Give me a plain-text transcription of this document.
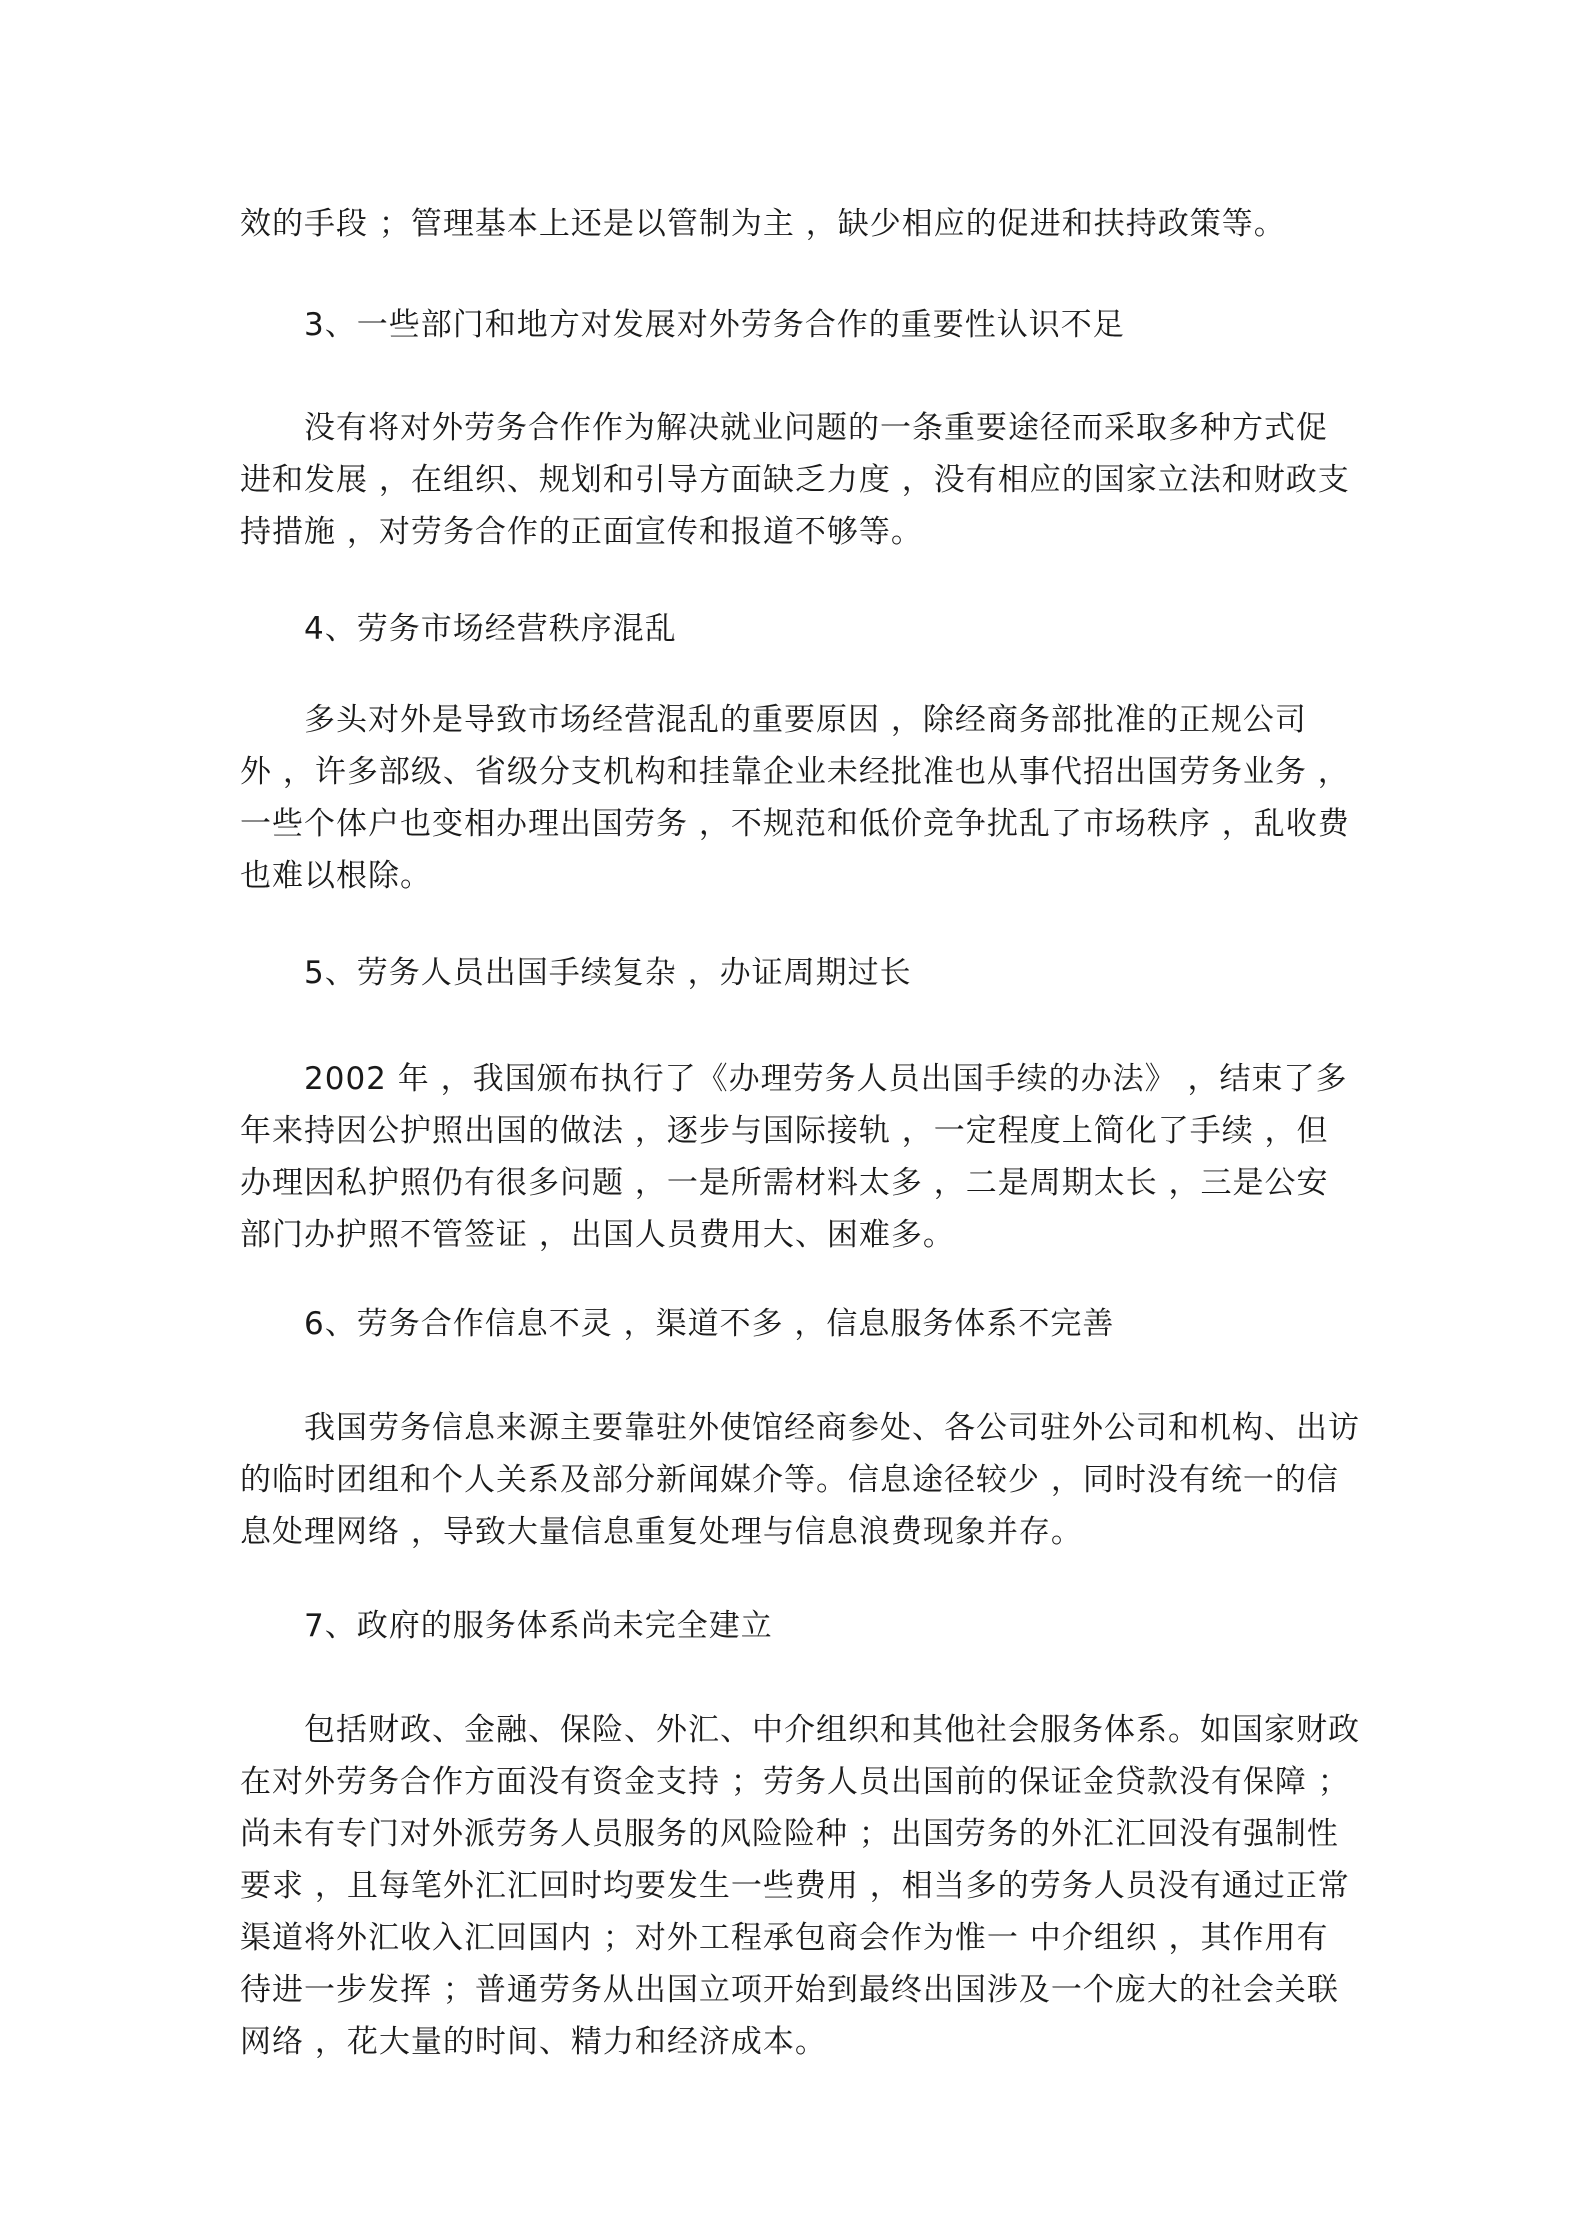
效的手段 ；管理基本上还是以管制为主 ，缺少相应的促进和扶持政策等。

3、一些部门和地方对发展对外劳务合作的重要性认识不足

没有将对外劳务合作作为解决就业问题的一条重要途径而采取多种方式促
进和发展 ，在组织、规划和引导方面缺乏力度 ，没有相应的国家立法和财政支
持措施 ，对劳务合作的正面宣传和报道不够等。

4、劳务市场经营秩序混乱

多头对外是导致市场经营混乱的重要原因 ，除经商务部批准的正规公司
外 ，许多部级、省级分支机构和挂靠企业未经批准也从事代招出国劳务业务 ，
一些个体户也变相办理出国劳务 ，不规范和低价竞争扰乱了市场秩序 ，乱收费
也难以根除。

5、劳务人员出国手续复杂 ，办证周期过长

2002 年 ，我国颁布执行了《办理劳务人员出国手续的办法》 ，结束了多
年来持因公护照出国的做法 ，逐步与国际接轨 ，一定程度上简化了手续 ，但
办理因私护照仍有很多问题 ，一是所需材料太多 ，二是周期太长 ，三是公安
部门办护照不管签证 ，出国人员费用大、困难多。

6、劳务合作信息不灵 ，渠道不多 ，信息服务体系不完善

我国劳务信息来源主要靠驻外使馆经商参处、各公司驻外公司和机构、出访
的临时团组和个人关系及部分新闻媒介等。信息途径较少 ，同时没有统一的信
息处理网络 ，导致大量信息重复处理与信息浪费现象并存。

7、政府的服务体系尚未完全建立

包括财政、金融、保险、外汇、中介组织和其他社会服务体系。如国家财政
在对外劳务合作方面没有资金支持 ；劳务人员出国前的保证金贷款没有保障 ；
尚未有专门对外派劳务人员服务的风险险种 ；出国劳务的外汇汇回没有强制性
要求 ，且每笔外汇汇回时均要发生一些费用 ，相当多的劳务人员没有通过正常
渠道将外汇收入汇回国内 ；对外工程承包商会作为惟一 中介组织 ，其作用有
待进一步发挥 ；普通劳务从出国立项开始到最终出国涉及一个庞大的社会关联
网络 ，花大量的时间、精力和经济成本。
